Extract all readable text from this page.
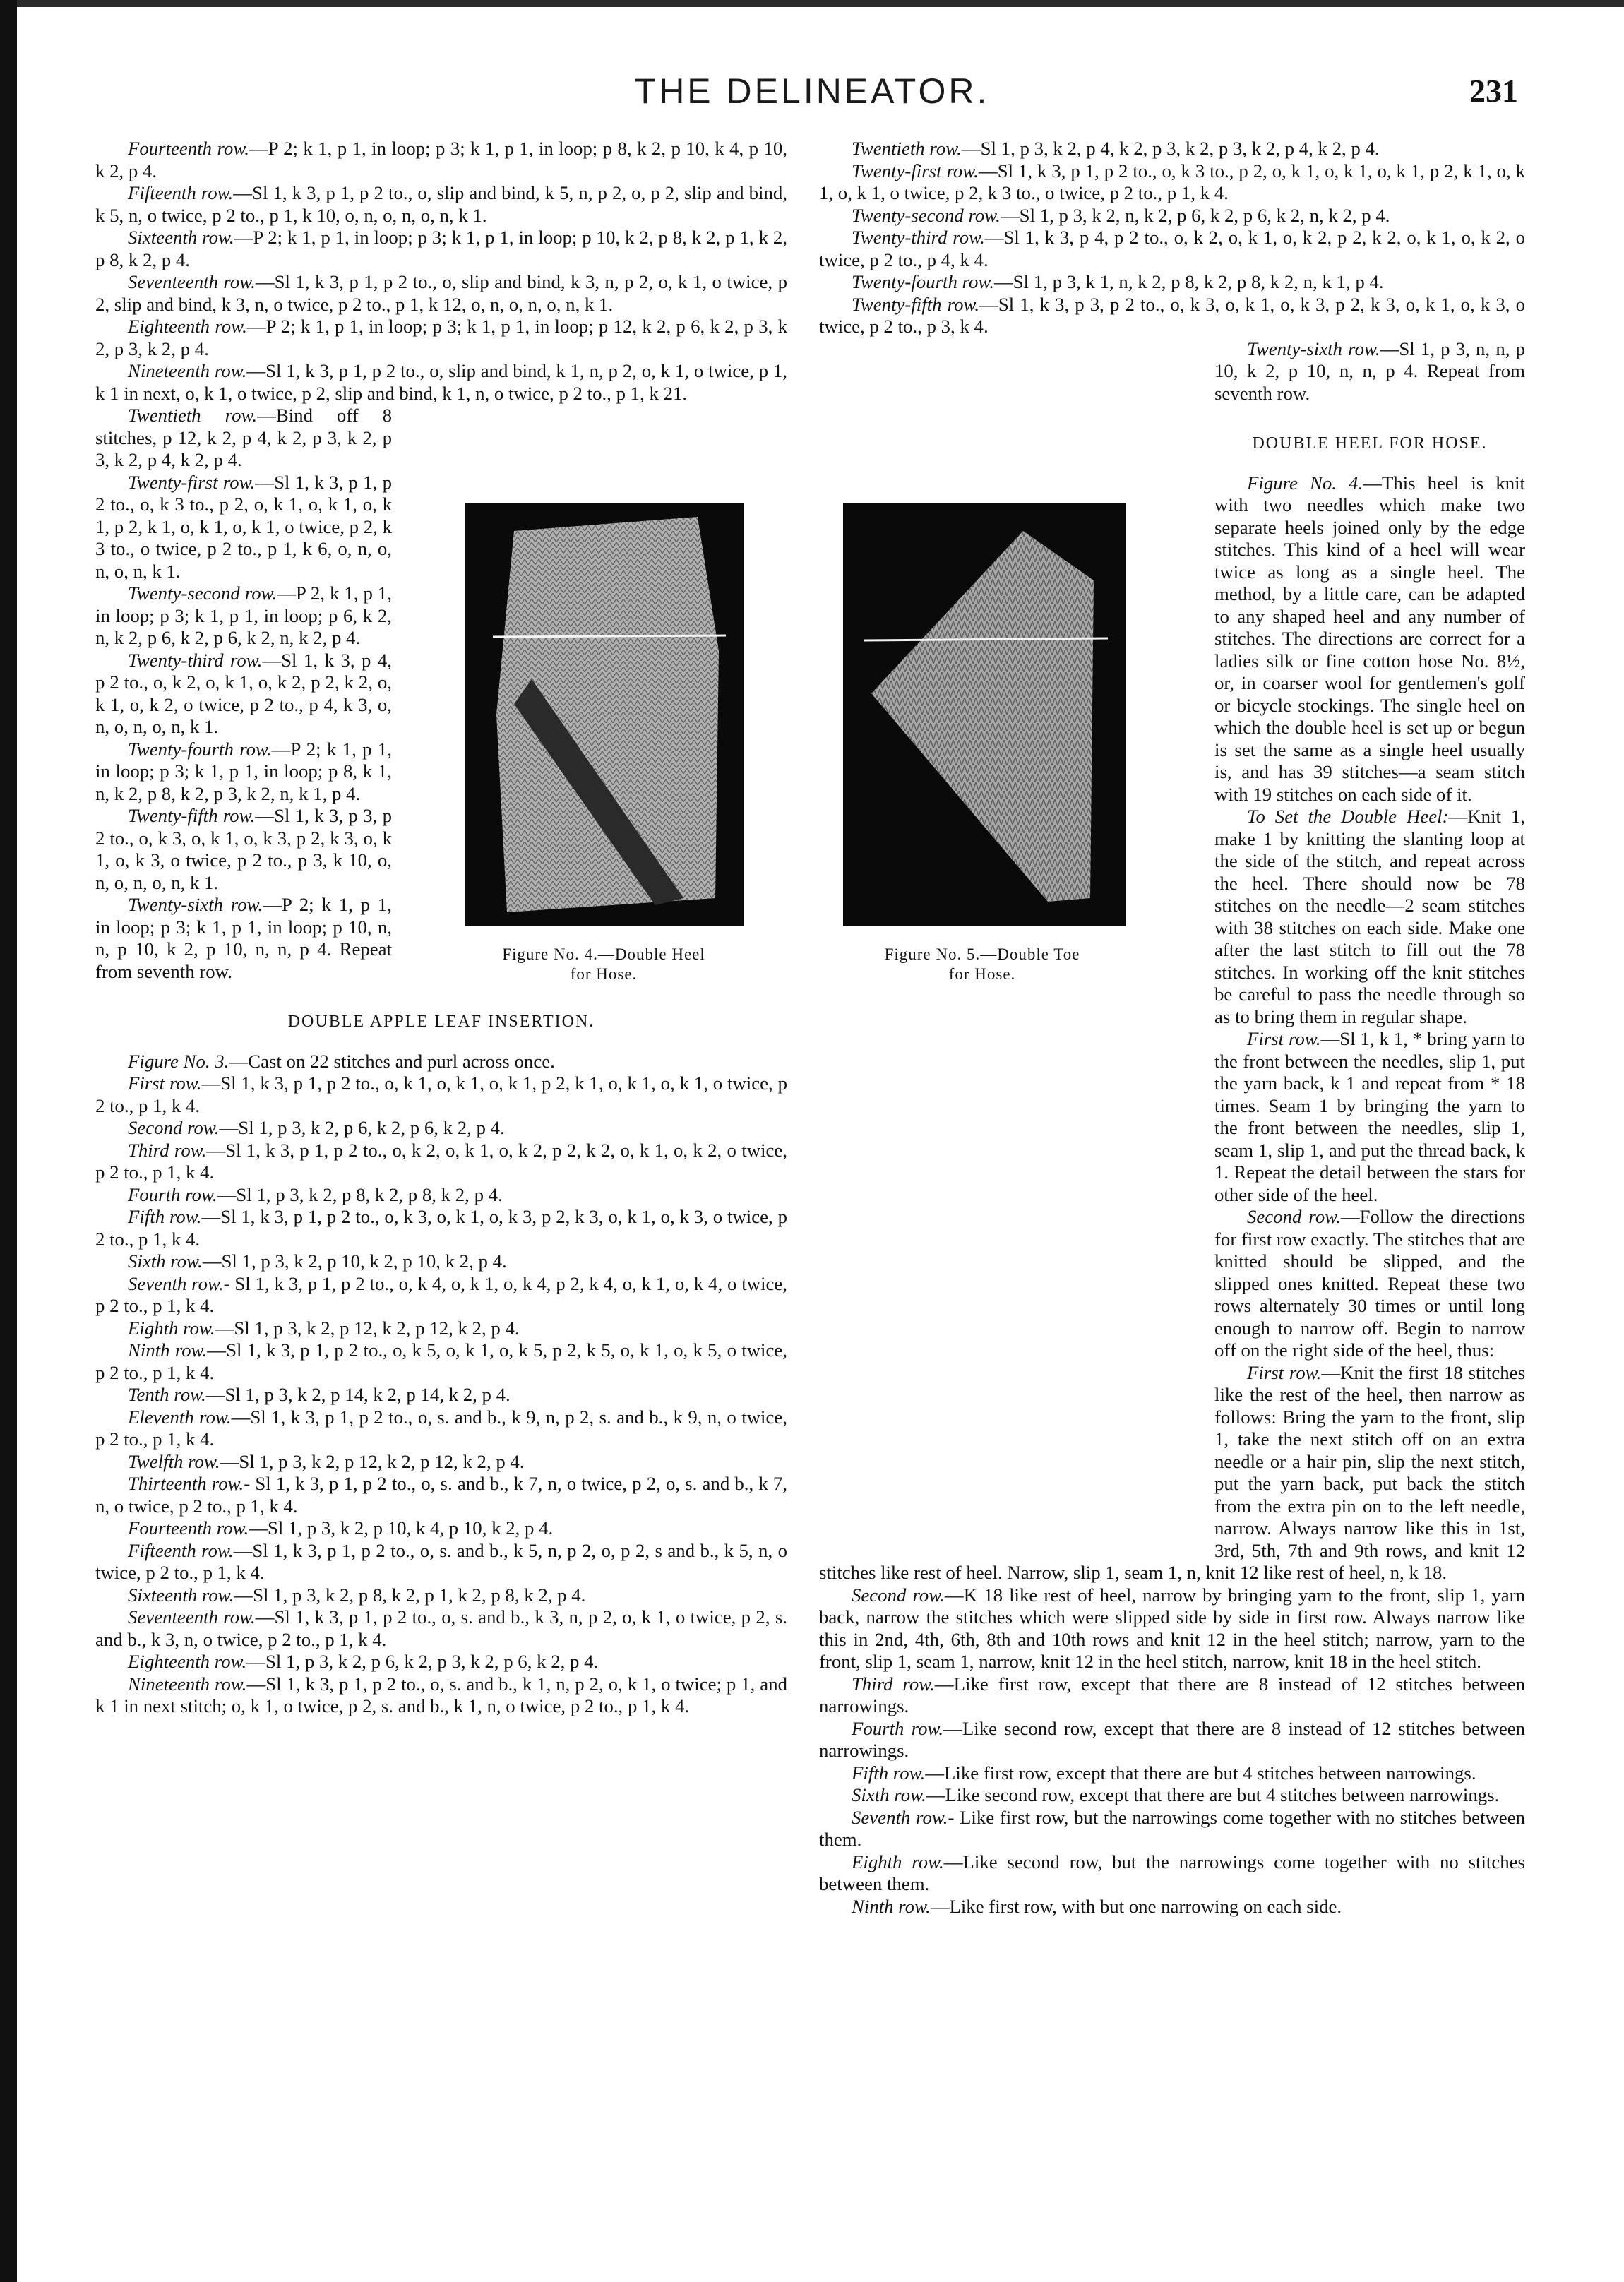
THE DELINEATOR.	231

Fourteenth row.—P 2; k 1, p 1, in loop; p 3; k 1, p 1, in loop; p 8, k 2, p 10, k 4, p 10, k 2, p 4.

Fifteenth row.—Sl 1, k 3, p 1, p 2 to., o, slip and bind, k 5, n, p 2, o, p 2, slip and bind, k 5, n, o twice, p 2 to., p 1, k 10, o, n, o, n, o, n, k 1.

Sixteenth row.—P 2; k 1, p 1, in loop; p 3; k 1, p 1, in loop; p 10, k 2, p 8, k 2, p 1, k 2, p 8, k 2, p 4.

Seventeenth row.—Sl 1, k 3, p 1, p 2 to., o, slip and bind, k 3, n, p 2, o, k 1, o twice, p 2, slip and bind, k 3, n, o twice, p 2 to., p 1, k 12, o, n, o, n, o, n, k 1.

Eighteenth row.—P 2; k 1, p 1, in loop; p 3; k 1, p 1, in loop; p 12, k 2, p 6, k 2, p 3, k 2, p 3, k 2, p 4.

Nineteenth row.—Sl 1, k 3, p 1, p 2 to., o, slip and bind, k 1, n, p 2, o, k 1, o twice, p 1, k 1 in next, o, k 1, o twice, p 2, slip and bind, k 1, n, o twice, p 2 to., p 1, k 21.

Twentieth row.—Bind off 8 stitches, p 12, k 2, p 4, k 2, p 3, k 2, p 3, k 2, p 4, k 2, p 4.

Twenty-first row.—Sl 1, k 3, p 1, p 2 to., o, k 3 to., p 2, o, k 1, o, k 1, o, k 1, p 2, k 1, o, k 1, o, k 1, o twice, p 2, k 3 to., o twice, p 2 to., p 1, k 6, o, n, o, n, o, n, k 1.

Twenty-second row.—P 2, k 1, p 1, in loop; p 3; k 1, p 1, in loop; p 6, k 2, n, k 2, p 6, k 2, p 6, k 2, n, k 2, p 4.

Twenty-third row.—Sl 1, k 3, p 4, p 2 to., o, k 2, o, k 1, o, k 2, p 2, k 2, o, k 1, o, k 2, o twice, p 2 to., p 4, k 3, o, n, o, n, o, n, k 1.

Twenty-fourth row.—P 2; k 1, p 1, in loop; p 3; k 1, p 1, in loop; p 8, k 1, n, k 2, p 8, k 2, p 3, k 2, n, k 1, p 4.

Twenty-fifth row.—Sl 1, k 3, p 3, p 2 to., o, k 3, o, k 1, o, k 3, p 2, k 3, o, k 1, o, k 3, o twice, p 2 to., p 3, k 10, o, n, o, n, o, n, k 1.

Twenty-sixth row.—P 2; k 1, p 1, in loop; p 3; k 1, p 1, in loop; p 10, n, n, p 10, k 2, p 10, n, n, p 4. Repeat from seventh row.

DOUBLE APPLE LEAF INSERTION.

Figure No. 3.—Cast on 22 stitches and purl across once.

First row.—Sl 1, k 3, p 1, p 2 to., o, k 1, o, k 1, o, k 1, p 2, k 1, o, k 1, o, k 1, o twice, p 2 to., p 1, k 4.

Second row.—Sl 1, p 3, k 2, p 6, k 2, p 6, k 2, p 4.

Third row.—Sl 1, k 3, p 1, p 2 to., o, k 2, o, k 1, o, k 2, p 2, k 2, o, k 1, o, k 2, o twice, p 2 to., p 1, k 4.

Fourth row.—Sl 1, p 3, k 2, p 8, k 2, p 8, k 2, p 4.

Fifth row.—Sl 1, k 3, p 1, p 2 to., o, k 3, o, k 1, o, k 3, p 2, k 3, o, k 1, o, k 3, o twice, p 2 to., p 1, k 4.

Sixth row.—Sl 1, p 3, k 2, p 10, k 2, p 10, k 2, p 4.

Seventh row.- Sl 1, k 3, p 1, p 2 to., o, k 4, o, k 1, o, k 4, p 2, k 4, o, k 1, o, k 4, o twice, p 2 to., p 1, k 4.

Eighth row.—Sl 1, p 3, k 2, p 12, k 2, p 12, k 2, p 4.

Ninth row.—Sl 1, k 3, p 1, p 2 to., o, k 5, o, k 1, o, k 5, p 2, k 5, o, k 1, o, k 5, o twice, p 2 to., p 1, k 4.

Tenth row.—Sl 1, p 3, k 2, p 14, k 2, p 14, k 2, p 4.

Eleventh row.—Sl 1, k 3, p 1, p 2 to., o, s. and b., k 9, n, p 2, s. and b., k 9, n, o twice, p 2 to., p 1, k 4.

Twelfth row.—Sl 1, p 3, k 2, p 12, k 2, p 12, k 2, p 4.

Thirteenth row.- Sl 1, k 3, p 1, p 2 to., o, s. and b., k 7, n, o twice, p 2, o, s. and b., k 7, n, o twice, p 2 to., p 1, k 4.

Fourteenth row.—Sl 1, p 3, k 2, p 10, k 4, p 10, k 2, p 4.

Fifteenth row.—Sl 1, k 3, p 1, p 2 to., o, s. and b., k 5, n, p 2, o, p 2, s and b., k 5, n, o twice, p 2 to., p 1, k 4.

Sixteenth row.—Sl 1, p 3, k 2, p 8, k 2, p 1, k 2, p 8, k 2, p 4.

Seventeenth row.—Sl 1, k 3, p 1, p 2 to., o, s. and b., k 3, n, p 2, o, k 1, o twice, p 2, s. and b., k 3, n, o twice, p 2 to., p 1, k 4.

Eighteenth row.—Sl 1, p 3, k 2, p 6, k 2, p 3, k 2, p 6, k 2, p 4.

Nineteenth row.—Sl 1, k 3, p 1, p 2 to., o, s. and b., k 1, n, p 2, o, k 1, o twice; p 1, and k 1 in next stitch; o, k 1, o twice, p 2, s. and b., k 1, n, o twice, p 2 to., p 1, k 4.

Twentieth row.—Sl 1, p 3, k 2, p 4, k 2, p 3, k 2, p 3, k 2, p 4, k 2, p 4.

Twenty-first row.—Sl 1, k 3, p 1, p 2 to., o, k 3 to., p 2, o, k 1, o, k 1, o, k 1, p 2, k 1, o, k 1, o, k 1, o twice, p 2, k 3 to., o twice, p 2 to., p 1, k 4.

Twenty-second row.—Sl 1, p 3, k 2, n, k 2, p 6, k 2, p 6, k 2, n, k 2, p 4.

Twenty-third row.—Sl 1, k 3, p 4, p 2 to., o, k 2, o, k 1, o, k 2, p 2, k 2, o, k 1, o, k 2, o twice, p 2 to., p 4, k 4.

Twenty-fourth row.—Sl 1, p 3, k 1, n, k 2, p 8, k 2, p 8, k 2, n, k 1, p 4.

Twenty-fifth row.—Sl 1, k 3, p 3, p 2 to., o, k 3, o, k 1, o, k 3, p 2, k 3, o, k 1, o, k 3, o twice, p 2 to., p 3, k 4.

Twenty-sixth row.—Sl 1, p 3, n, n, p 10, k 2, p 10, n, n, p 4. Repeat from seventh row.

DOUBLE HEEL FOR HOSE.

Figure No. 4.—This heel is knit with two needles which make two separate heels joined only by the edge stitches. This kind of a heel will wear twice as long as a single heel. The method, by a little care, can be adapted to any shaped heel and any number of stitches. The directions are correct for a ladies silk or fine cotton hose No. 8½, or, in coarser wool for gentlemen's golf or bicycle stockings. The single heel on which the double heel is set up or begun is set the same as a single heel usually is, and has 39 stitches—a seam stitch with 19 stitches on each side of it.

To Set the Double Heel:—Knit 1, make 1 by knitting the slanting loop at the side of the stitch, and repeat across the heel. There should now be 78 stitches on the needle—2 seam stitches with 38 stitches on each side. Make one after the last stitch to fill out the 78 stitches. In working off the knit stitches be careful to pass the needle through so as to bring them in regular shape.

First row.—Sl 1, k 1, * bring yarn to the front between the needles, slip 1, put the yarn back, k 1 and repeat from * 18 times. Seam 1 by bringing the yarn to the front between the needles, slip 1, seam 1, slip 1, and put the thread back, k 1. Repeat the detail between the stars for other side of the heel.

Second row.—Follow the directions for first row exactly. The stitches that are knitted should be slipped, and the slipped ones knitted. Repeat these two rows alternately 30 times or until long enough to narrow off. Begin to narrow off on the right side of the heel, thus:

First row.—Knit the first 18 stitches like the rest of the heel, then narrow as follows: Bring the yarn to the front, slip 1, take the next stitch off on an extra needle or a hair pin, slip the next stitch, put the yarn back, put back the stitch from the extra pin on to the left needle, narrow. Always narrow like this in 1st, 3rd, 5th, 7th and 9th rows, and knit 12 stitches like rest of heel. Narrow, slip 1, seam 1, n, knit 12 like rest of heel, n, k 18.

Second row.—K 18 like rest of heel, narrow by bringing yarn to the front, slip 1, yarn back, narrow the stitches which were slipped side by side in first row. Always narrow like this in 2nd, 4th, 6th, 8th and 10th rows and knit 12 in the heel stitch; narrow, yarn to the front, slip 1, seam 1, narrow, knit 12 in the heel stitch, narrow, knit 18 in the heel stitch.

Third row.—Like first row, except that there are 8 instead of 12 stitches between narrowings.

Fourth row.—Like second row, except that there are 8 instead of 12 stitches between narrowings.

Fifth row.—Like first row, except that there are but 4 stitches between narrowings.

Sixth row.—Like second row, except that there are but 4 stitches between narrowings.

Seventh row.- Like first row, but the narrowings come together with no stitches between them.

Eighth row.—Like second row, but the narrowings come together with no stitches between them.

Ninth row.—Like first row, with but one narrowing on each side.

Figure No. 4.—Double Heel
for Hose.
Figure No. 5.—Double Toe
for Hose.
